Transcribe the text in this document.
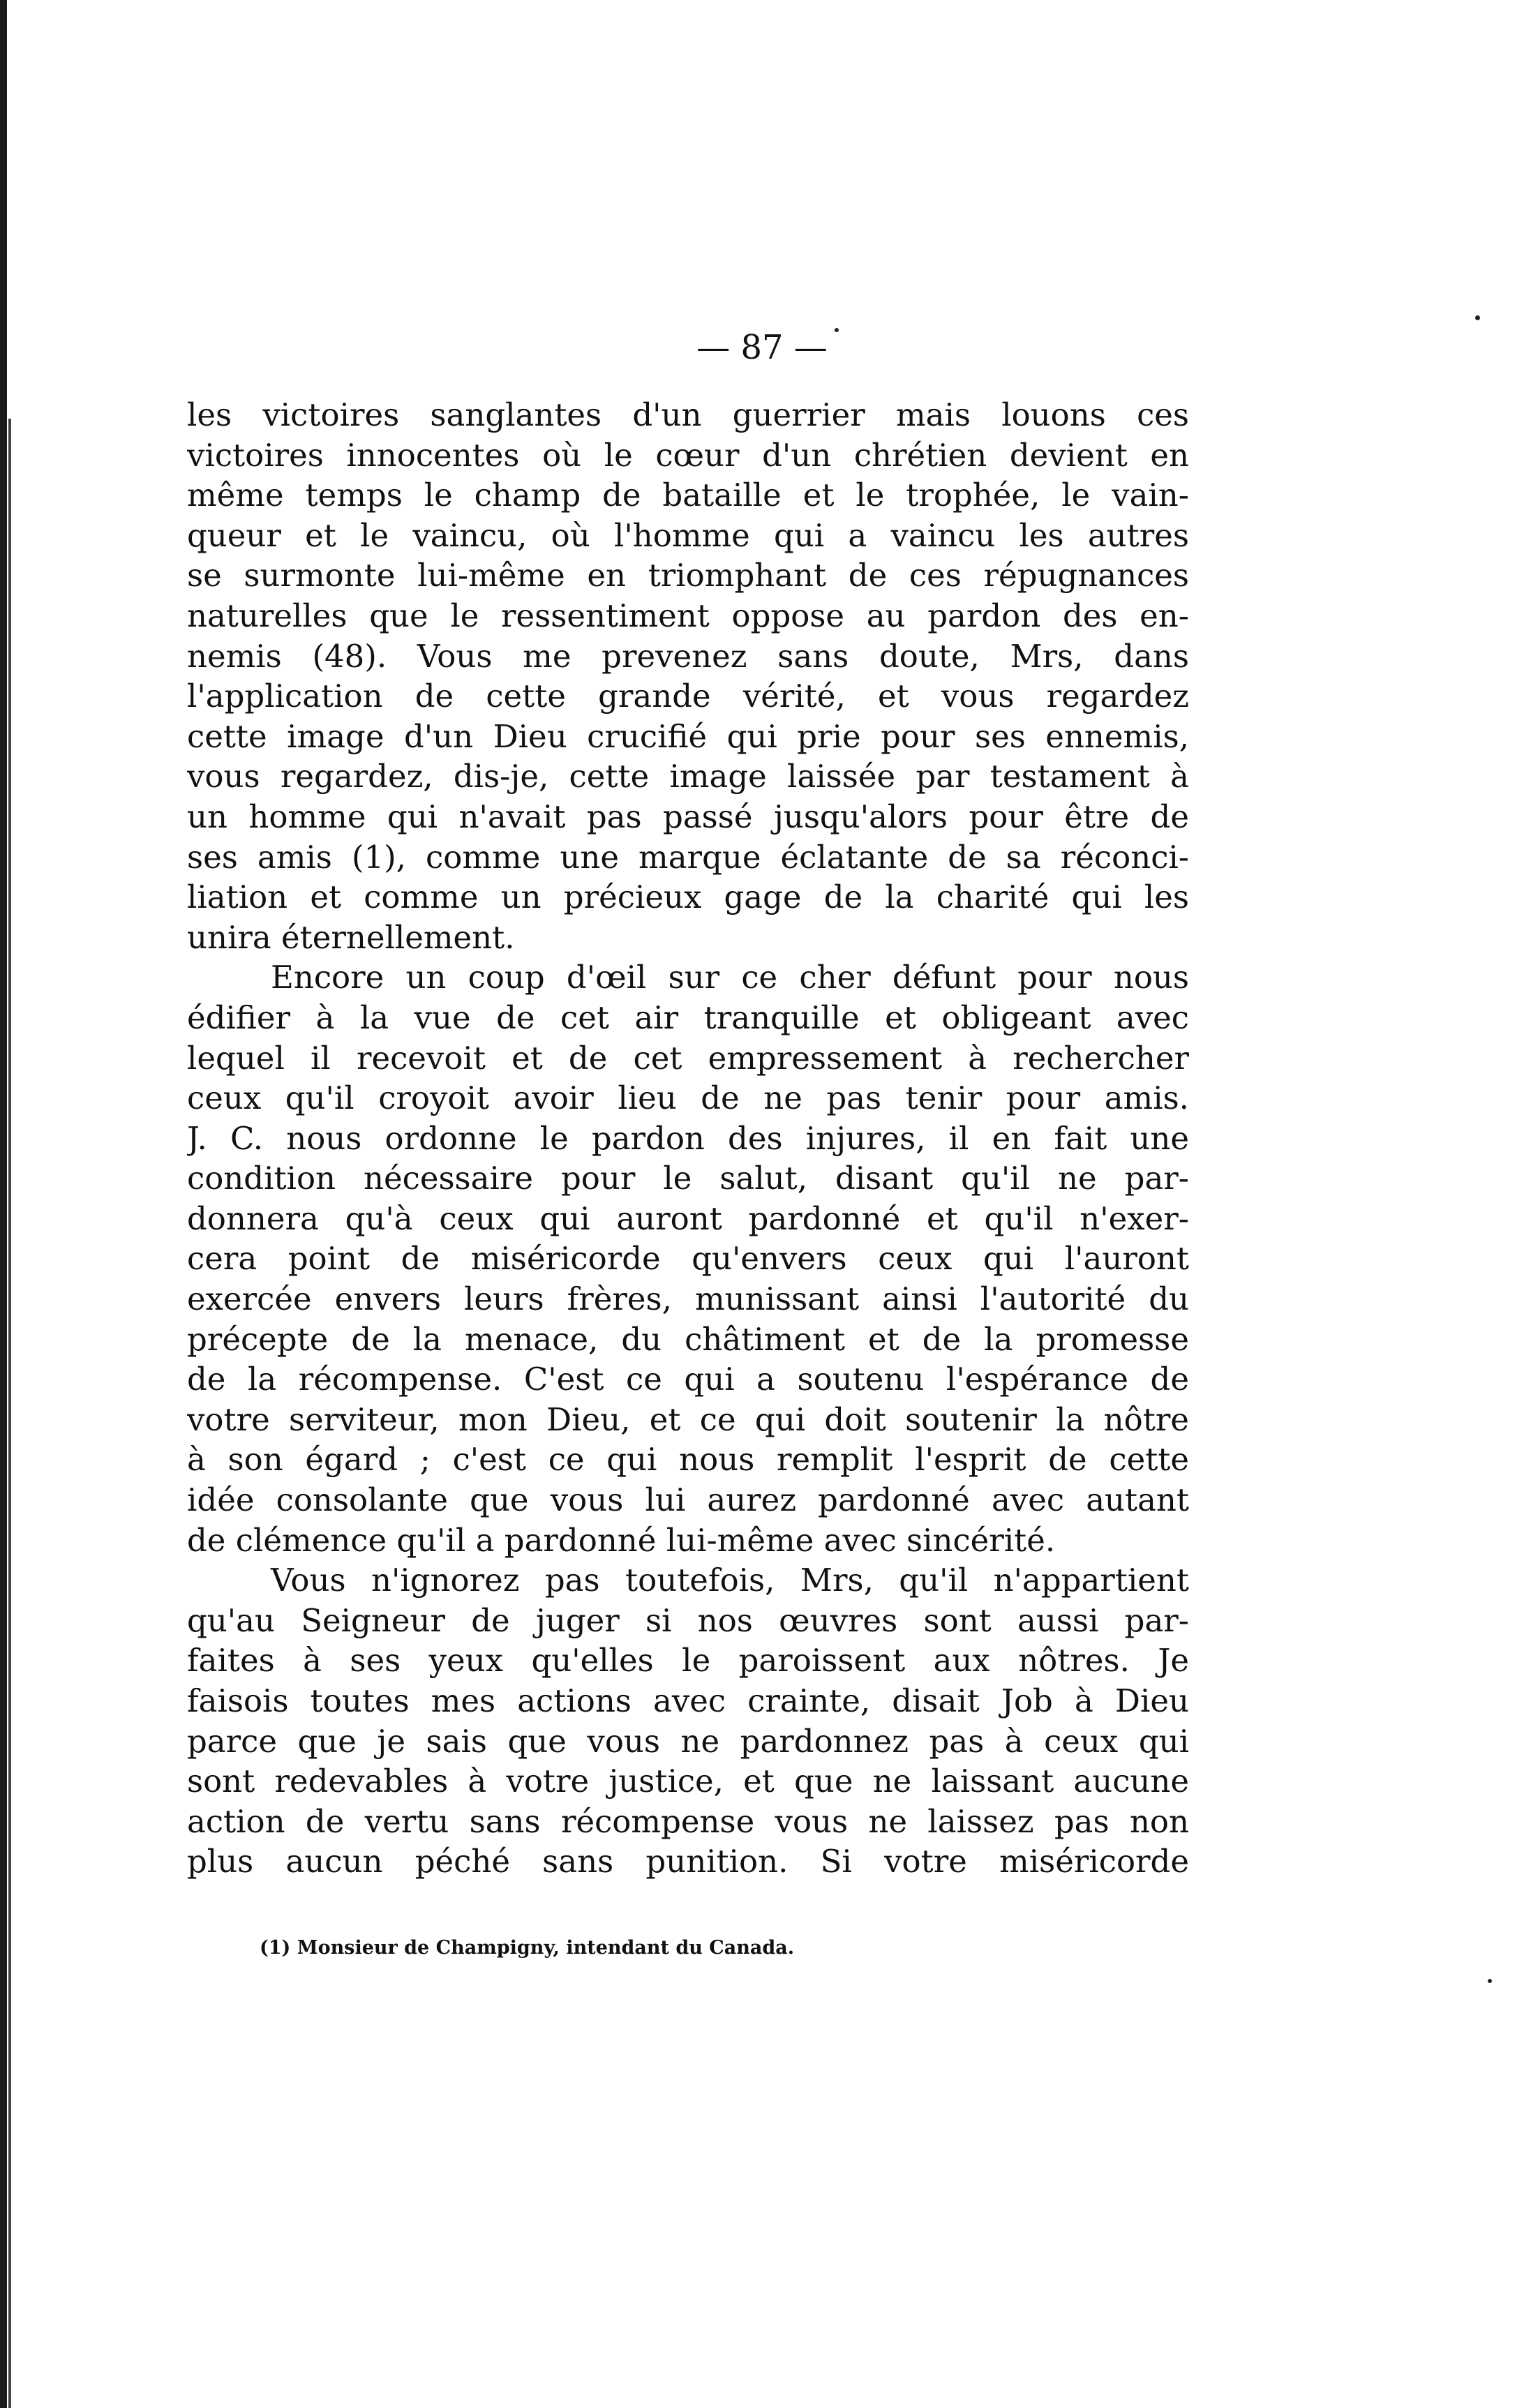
— 87 —
les victoires sanglantes d'un guerrier mais louons ces
victoires innocentes où le cœur d'un chrétien devient en
même temps le champ de bataille et le trophée, le vain-
queur et le vaincu, où l'homme qui a vaincu les autres
se surmonte lui-même en triomphant de ces répugnances
naturelles que le ressentiment oppose au pardon des en-
nemis (48). Vous me prevenez sans doute, Mrs, dans
l'application de cette grande vérité, et vous regardez
cette image d'un Dieu crucifié qui prie pour ses ennemis,
vous regardez, dis-je, cette image laissée par testament à
un homme qui n'avait pas passé jusqu'alors pour être de
ses amis (1), comme une marque éclatante de sa réconci-
liation et comme un précieux gage de la charité qui les
unira éternellement.
Encore un coup d'œil sur ce cher défunt pour nous
édifier à la vue de cet air tranquille et obligeant avec
lequel il recevoit et de cet empressement à rechercher
ceux qu'il croyoit avoir lieu de ne pas tenir pour amis.
J. C. nous ordonne le pardon des injures, il en fait une
condition nécessaire pour le salut, disant qu'il ne par-
donnera qu'à ceux qui auront pardonné et qu'il n'exer-
cera point de miséricorde qu'envers ceux qui l'auront
exercée envers leurs frères, munissant ainsi l'autorité du
précepte de la menace, du châtiment et de la promesse
de la récompense. C'est ce qui a soutenu l'espérance de
votre serviteur, mon Dieu, et ce qui doit soutenir la nôtre
à son égard ; c'est ce qui nous remplit l'esprit de cette
idée consolante que vous lui aurez pardonné avec autant
de clémence qu'il a pardonné lui-même avec sincérité.
Vous n'ignorez pas toutefois, Mrs, qu'il n'appartient
qu'au Seigneur de juger si nos œuvres sont aussi par-
faites à ses yeux qu'elles le paroissent aux nôtres. Je
faisois toutes mes actions avec crainte, disait Job à Dieu
parce que je sais que vous ne pardonnez pas à ceux qui
sont redevables à votre justice, et que ne laissant aucune
action de vertu sans récompense vous ne laissez pas non
plus aucun péché sans punition. Si votre miséricorde
(1) Monsieur de Champigny, intendant du Canada.
